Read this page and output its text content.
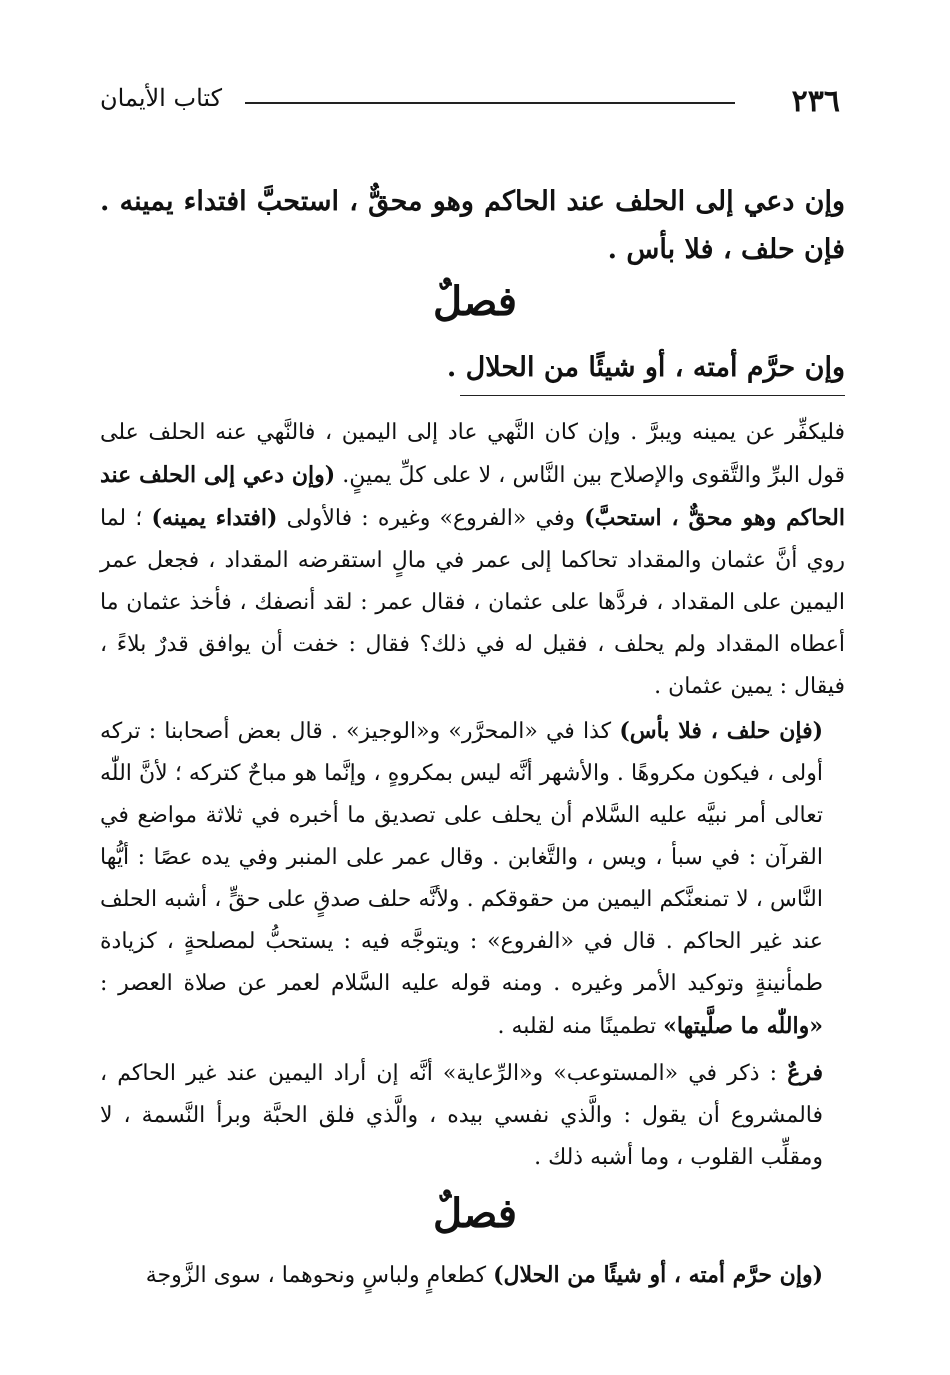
٢٣٦
كتاب الأيمان
وإن دعي إلى الحلف عند الحاكم وهو محقٌّ ، استحبَّ افتداء يمينه . فإن حلف ، فلا بأس .
فصلٌ
وإن حرَّم أمته ، أو شيئًا من الحلال .
فليكفِّر عن يمينه ويبرَّ . وإن كان النَّهي عاد إلى اليمين ، فالنَّهي عنه الحلف على قول البرِّ والتَّقوى والإصلاح بين النَّاس ، لا على كلِّ يمينٍ. (وإن دعي إلى الحلف عند الحاكم وهو محقٌّ ، استحبَّ) وفي «الفروع» وغيره : فالأولى (افتداء يمينه) ؛ لما روي أنَّ عثمان والمقداد تحاكما إلى عمر في مالٍ استقرضه المقداد ، فجعل عمر اليمين على المقداد ، فردَّها على عثمان ، فقال عمر : لقد أنصفك ، فأخذ عثمان ما أعطاه المقداد ولم يحلف ، فقيل له في ذلك؟ فقال : خفت أن يوافق قدرٌ بلاءً ، فيقال : يمين عثمان .
(فإن حلف ، فلا بأس) كذا في «المحرَّر» و«الوجيز» . قال بعض أصحابنا : تركه أولى ، فيكون مكروهًا . والأشهر أنَّه ليس بمكروهٍ ، وإنَّما هو مباحٌ كتركه ؛ لأنَّ اللّٰه تعالى أمر نبيَّه عليه السَّلام أن يحلف على تصديق ما أخبره في ثلاثة مواضع في القرآن : في سبأ ، ويس ، والتَّغابن . وقال عمر على المنبر وفي يده عصًا : أيُّها النَّاس ، لا تمنعنَّكم اليمين من حقوقكم . ولأنَّه حلف صدقٍ على حقٍّ ، أشبه الحلف عند غير الحاكم . قال في «الفروع» : ويتوجَّه فيه : يستحبُّ لمصلحةٍ ، كزيادة طمأنينةٍ وتوكيد الأمر وغيره . ومنه قوله عليه السَّلام لعمر عن صلاة العصر : «واللّٰه ما صلَّيتها» تطمينًا منه لقلبه .
فرعٌ : ذكر في «المستوعب» و«الرِّعاية» أنَّه إن أراد اليمين عند غير الحاكم ، فالمشروع أن يقول : والَّذي نفسي بيده ، والَّذي فلق الحبَّة وبرأ النَّسمة ، لا ومقلِّب القلوب ، وما أشبه ذلك .
فصلٌ
(وإن حرَّم أمته ، أو شيئًا من الحلال) كطعامٍ ولباسٍ ونحوهما ، سوى الزَّوجة
